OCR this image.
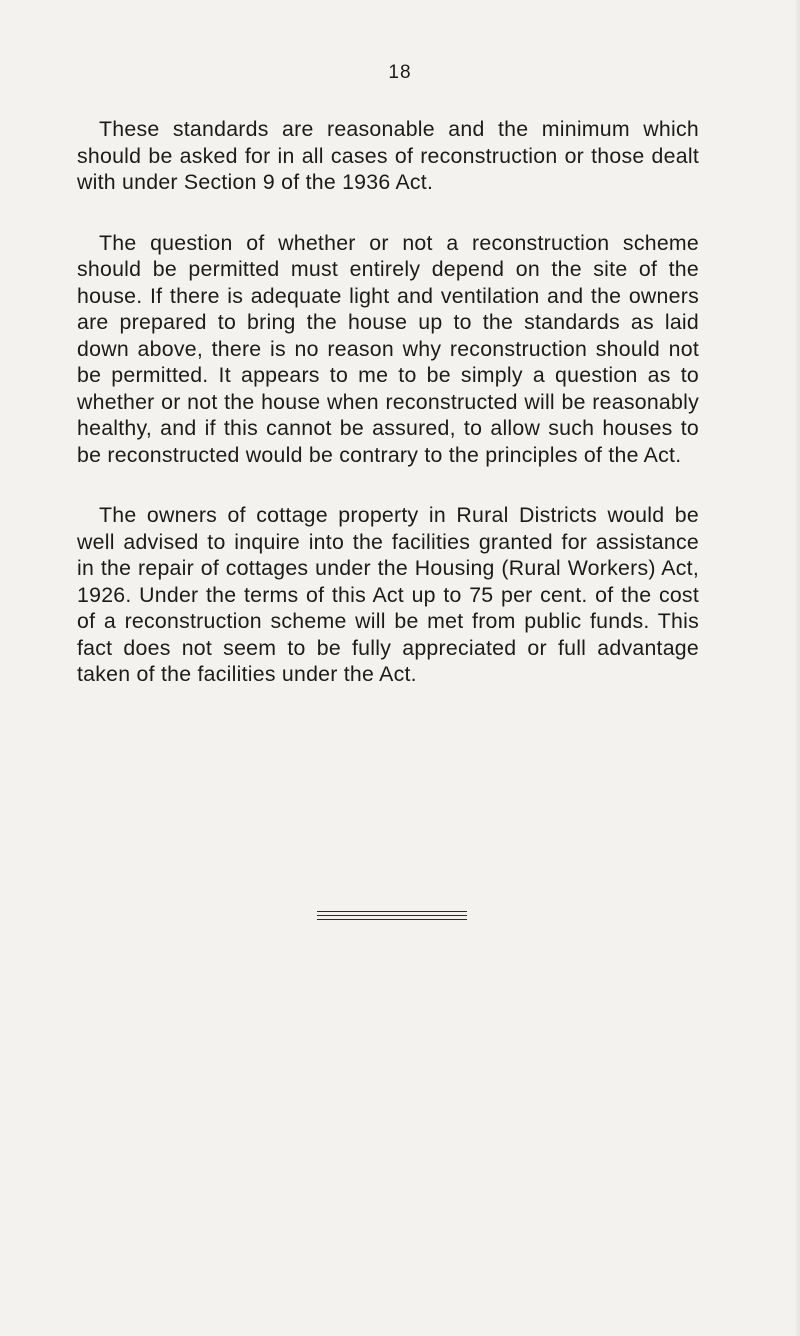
18

These standards are reasonable and the minimum which should be asked for in all cases of reconstruction or those dealt with under Section 9 of the 1936 Act.

The question of whether or not a reconstruction scheme should be permitted must entirely depend on the site of the house. If there is adequate light and ventilation and the owners are prepared to bring the house up to the standards as laid down above, there is no reason why reconstruction should not be permitted. It appears to me to be simply a question as to whether or not the house when reconstructed will be reasonably healthy, and if this cannot be assured, to allow such houses to be reconstructed would be contrary to the principles of the Act.

The owners of cottage property in Rural Districts would be well advised to inquire into the facilities granted for assistance in the repair of cottages under the Housing (Rural Workers) Act, 1926. Under the terms of this Act up to 75 per cent. of the cost of a reconstruction scheme will be met from public funds. This fact does not seem to be fully appreciated or full advantage taken of the facilities under the Act.
